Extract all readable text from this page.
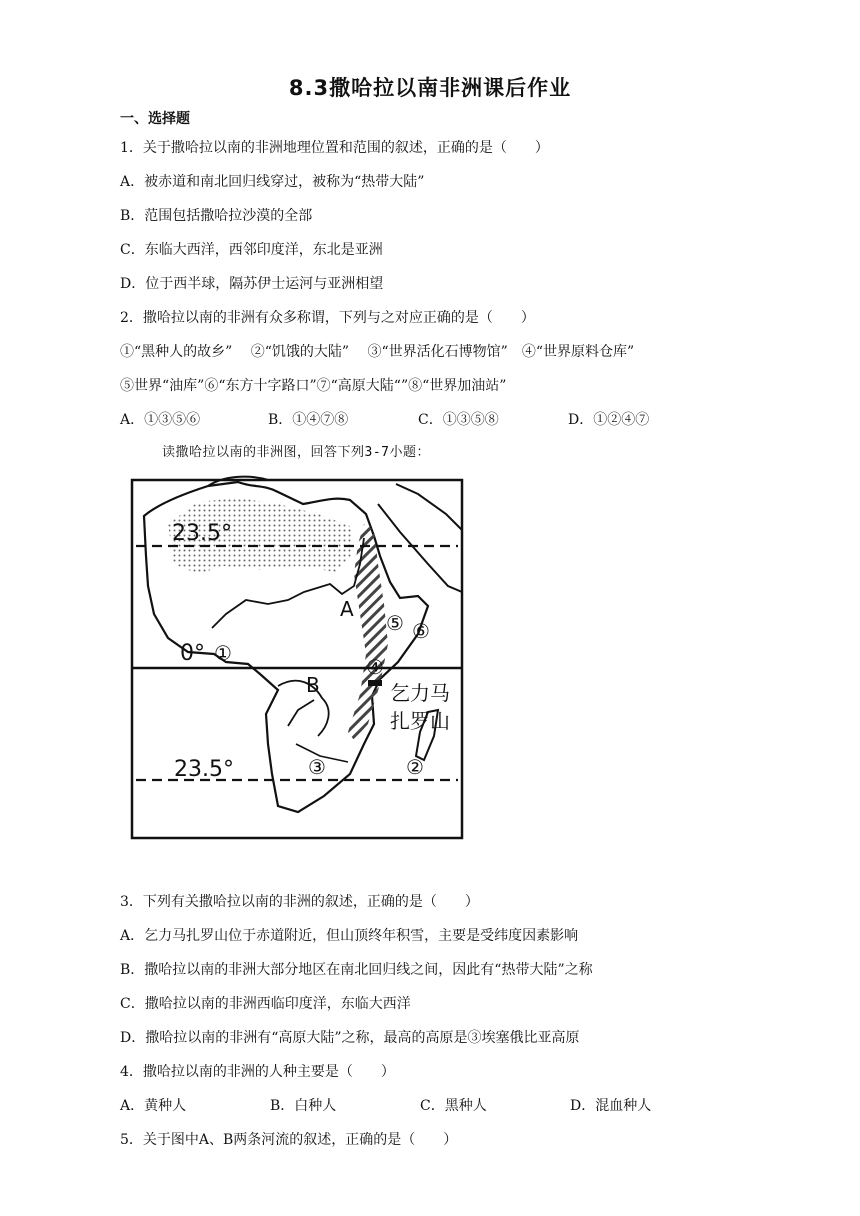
8.3撒哈拉以南非洲课后作业
一、选择题
1．关于撒哈拉以南的非洲地理位置和范围的叙述，正确的是（　　）
A．被赤道和南北回归线穿过，被称为“热带大陆”
B．范围包括撒哈拉沙漠的全部
C．东临大西洋，西邻印度洋，东北是亚洲
D．位于西半球，隔苏伊士运河与亚洲相望
2．撒哈拉以南的非洲有众多称谓，下列与之对应正确的是（　　）
①“黑种人的故乡”　 ②“饥饿的大陆”　 ③“世界活化石博物馆”　④“世界原料仓库”
⑤世界“油库”⑥“东方十字路口”⑦“高原大陆“”⑧“世界加油站”
A．①③⑤⑥	B．①④⑦⑧	C．①③⑤⑧	D．①②④⑦
读撒哈拉以南的非洲图，回答下列3-7小题：
23.5°
23.5°
0°
A
B
①
②
③
④
⑤ ⑥
乞力马
扎罗山
3．下列有关撒哈拉以南的非洲的叙述，正确的是（　　）
A．乞力马扎罗山位于赤道附近，但山顶终年积雪，主要是受纬度因素影响
B．撒哈拉以南的非洲大部分地区在南北回归线之间，因此有“热带大陆”之称
C．撒哈拉以南的非洲西临印度洋，东临大西洋
D．撒哈拉以南的非洲有“高原大陆”之称，最高的高原是③埃塞俄比亚高原
4．撒哈拉以南的非洲的人种主要是（　　）
A．黄种人	B．白种人	C．黑种人	D．混血种人
5．关于图中A、B两条河流的叙述，正确的是（　　）
